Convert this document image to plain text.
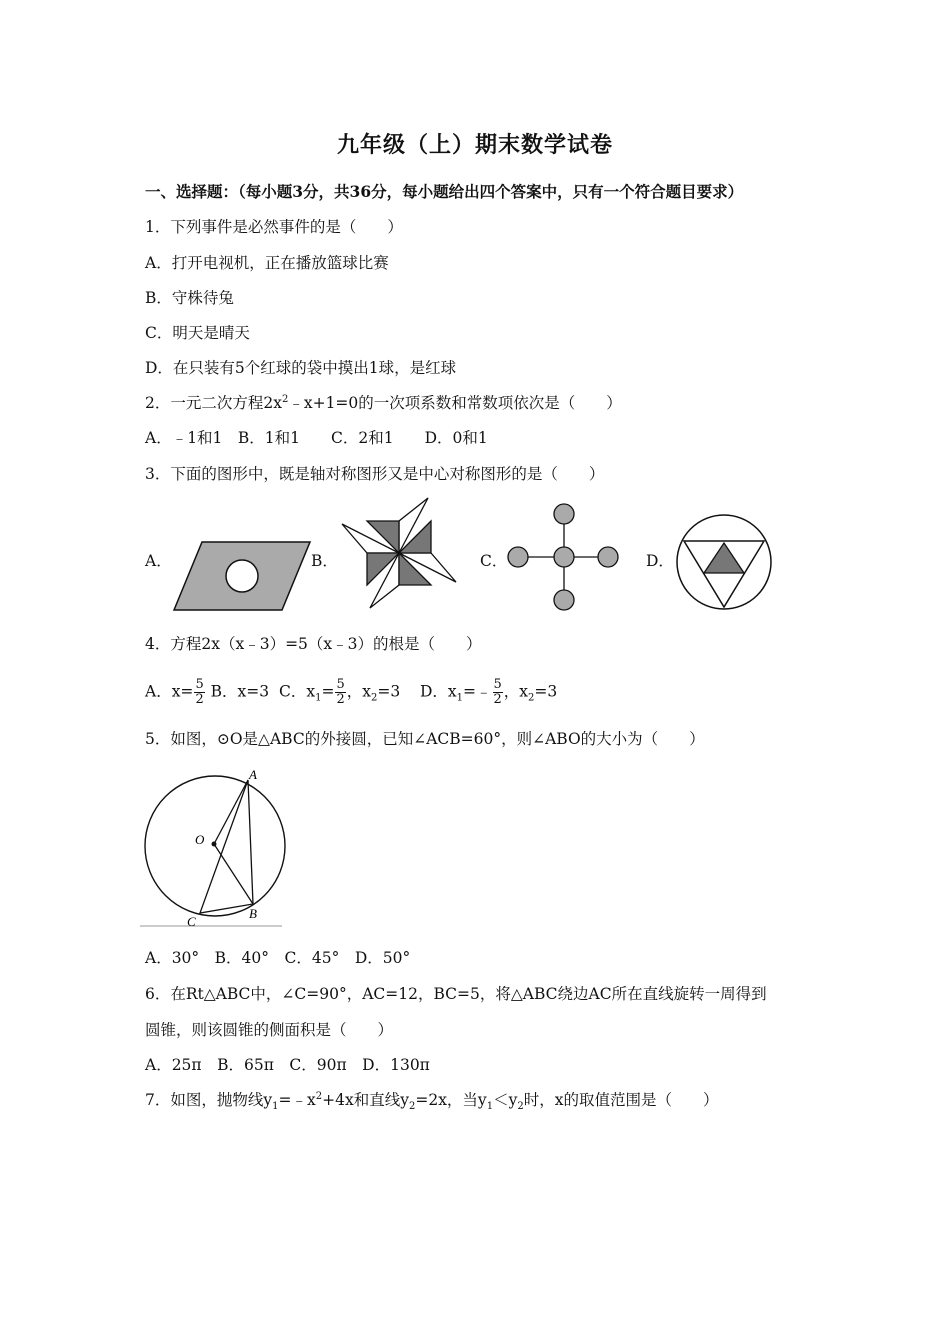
九年级（上）期末数学试卷
一、选择题：（每小题3分，共36分，每小题给出四个答案中，只有一个符合题目要求）
1．下列事件是必然事件的是（　　）
A．打开电视机，正在播放篮球比赛
B．守株待兔
C．明天是晴天
D．在只装有5个红球的袋中摸出1球，是红球
2．一元二次方程$2x^2﹣x+1=0$的一次项系数和常数项依次是（　　）
A．﹣1和1　B．1和1　　C．2和1　　D．0和1
3．下面的图形中，既是轴对称图形又是中心对称图形的是（　　）
A．	B．	C．	D．
4．方程2x（x﹣3）=5（x﹣3）的根是（　　）
A．$x= \frac{5}{2}$ B．x=3 C．$x_1= \frac{5}{2}$ ，$x_2=3$ D．$x_1=﹣ \frac{5}{2}$ ，$x_2=3$
5．如图，⊙O是△ABC的外接圆，已知∠ACB=60°，则∠ABO的大小为（　　）
A
O
C
B
A．30°　B．40°　C．45°　D．50°
6．在Rt△ABC中，∠C=90°，AC=12，BC=5，将△ABC绕边AC所在直线旋转一周得到
圆锥，则该圆锥的侧面积是（　　）
A．25π　B．65π　C．90π　D．130π
7．如图，抛物线$y_1=﹣x^2+4x$和直线$y_2=2x$，当$y_1<y_2$时，x的取值范围是（　　）
